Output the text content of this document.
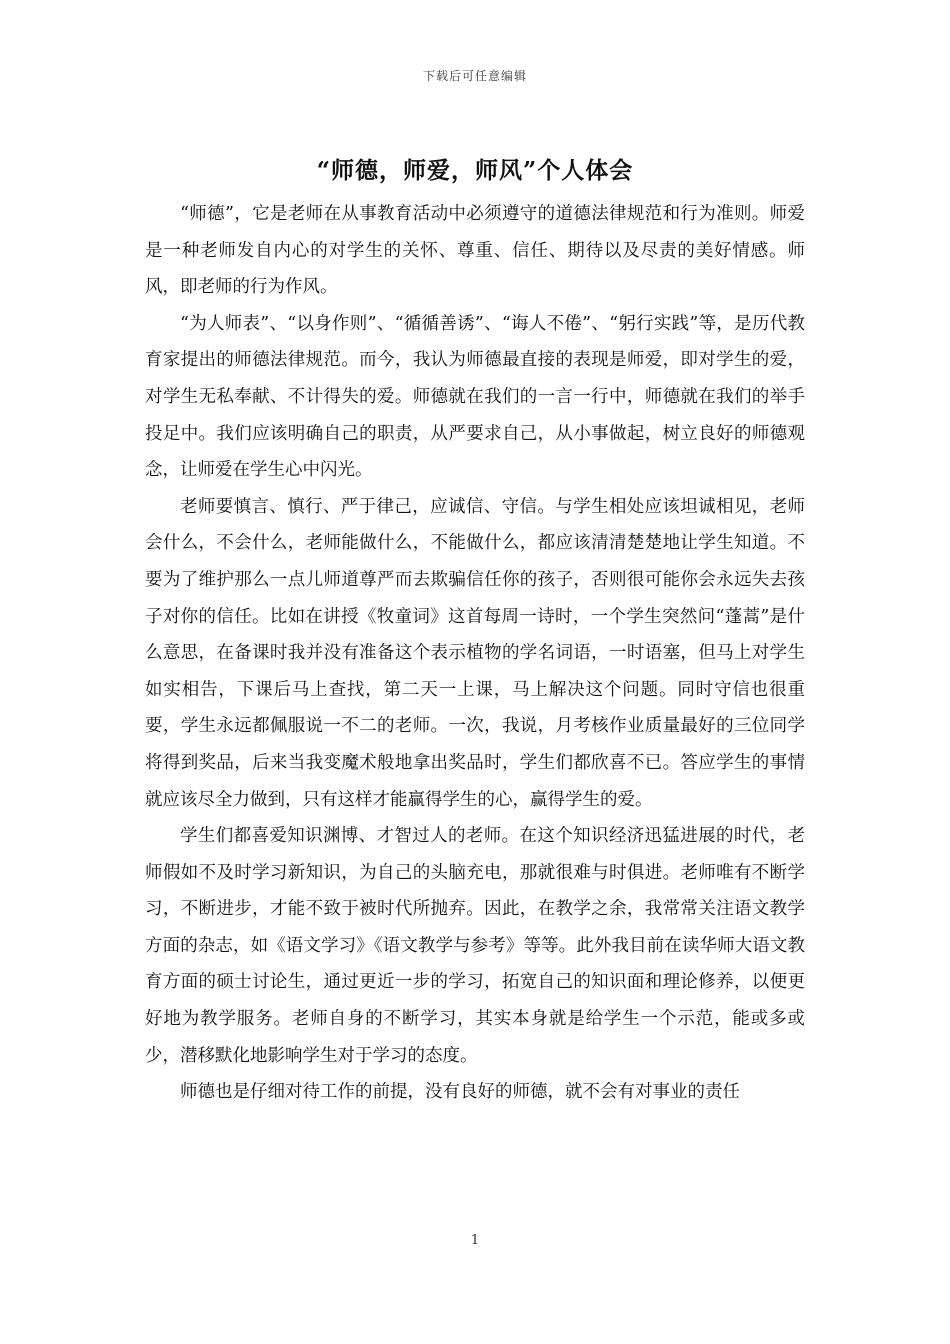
下载后可任意编辑
“师德，师爱，师风”个人体会

“师德”，它是老师在从事教育活动中必须遵守的道德法律规范和行为准则。师爱是一种老师发自内心的对学生的关怀、尊重、信任、期待以及尽责的美好情感。师风，即老师的行为作风。

“为人师表”、“以身作则”、“循循善诱”、“诲人不倦”、“躬行实践”等，是历代教育家提出的师德法律规范。而今，我认为师德最直接的表现是师爱，即对学生的爱，对学生无私奉献、不计得失的爱。师德就在我们的一言一行中，师德就在我们的举手投足中。我们应该明确自己的职责，从严要求自己，从小事做起，树立良好的师德观念，让师爱在学生心中闪光。

老师要慎言、慎行、严于律己，应诚信、守信。与学生相处应该坦诚相见，老师会什么，不会什么，老师能做什么，不能做什么，都应该清清楚楚地让学生知道。不要为了维护那么一点儿师道尊严而去欺骗信任你的孩子，否则很可能你会永远失去孩子对你的信任。比如在讲授《牧童词》这首每周一诗时，一个学生突然问“蓬蒿”是什么意思，在备课时我并没有准备这个表示植物的学名词语，一时语塞，但马上对学生如实相告，下课后马上查找，第二天一上课，马上解决这个问题。同时守信也很重要，学生永远都佩服说一不二的老师。一次，我说，月考核作业质量最好的三位同学将得到奖品，后来当我变魔术般地拿出奖品时，学生们都欣喜不已。答应学生的事情就应该尽全力做到，只有这样才能赢得学生的心，赢得学生的爱。

学生们都喜爱知识渊博、才智过人的老师。在这个知识经济迅猛进展的时代，老师假如不及时学习新知识，为自己的头脑充电，那就很难与时俱进。老师唯有不断学习，不断进步，才能不致于被时代所抛弃。因此，在教学之余，我常常关注语文教学方面的杂志，如《语文学习》《语文教学与参考》等等。此外我目前在读华师大语文教育方面的硕士讨论生，通过更近一步的学习，拓宽自己的知识面和理论修养，以便更好地为教学服务。老师自身的不断学习，其实本身就是给学生一个示范，能或多或少，潜移默化地影响学生对于学习的态度。

师德也是仔细对待工作的前提，没有良好的师德，就不会有对事业的责任

1
